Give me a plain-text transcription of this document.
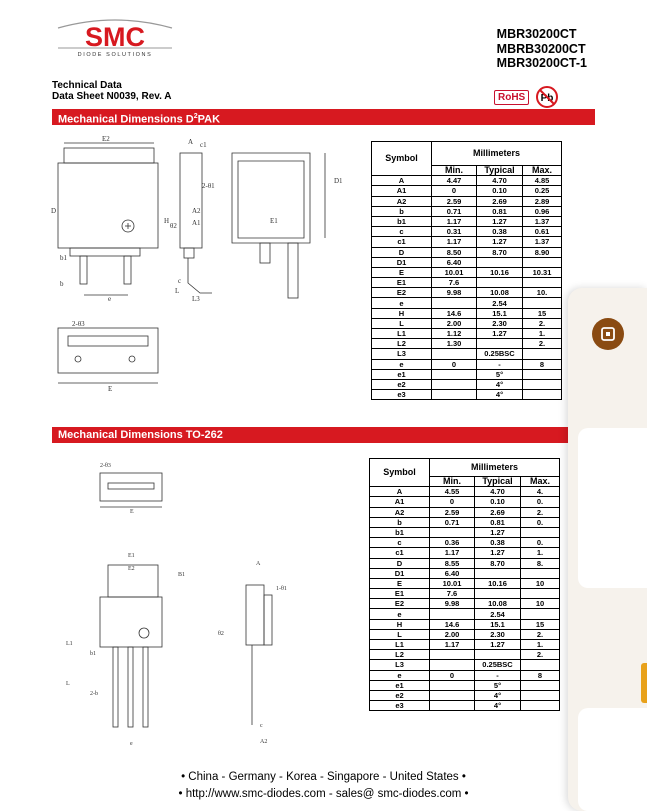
SMC
DIODE SOLUTIONS
MBR30200CT
MBRB30200CT
MBR30200CT-1
Technical Data
Data Sheet N0039, Rev. A	RoHS	Pb
Mechanical Dimensions $D^2PAK$
E2
D
b1
b
e
A c1
2-θ1
A2
A1
θ2
H
c
L
L3
E1
D1
2-θ3
E
Symbol	Millimeters		
	Min.	Typical	Max.
A	4.47	4.70	4.85
A1	0	0.10	0.25
A2	2.59	2.69	2.89
b	0.71	0.81	0.96
b1	1.17	1.27	1.37
c	0.31	0.38	0.61
c1	1.17	1.27	1.37
D	8.50	8.70	8.90
D1	6.40		
E	10.01	10.16	10.31
E1	7.6		
E2	9.98	10.08	10.
e		2.54	
H	14.6	15.1	15
L	2.00	2.30	2.
L1	1.12	1.27	1.
L2	1.30		2.
L3		0.25BSC	
e	0	-	8
e1		5°	
e2		4°	
e3		4°	
Mechanical Dimensions TO-262
2-θ3
E
E1
E2
B1
b1
2-b
e
L1
L
A
1-θ1
θ2
c
A2
Symbol	Millimeters		
	Min.	Typical	Max.
A	4.55	4.70	4.
A1	0	0.10	0.
A2	2.59	2.69	2.
b	0.71	0.81	0.
b1		1.27	
c	0.36	0.38	0.
c1	1.17	1.27	1.
D	8.55	8.70	8.
D1	6.40		
E	10.01	10.16	10
E1	7.6		
E2	9.98	10.08	10
e		2.54	
H	14.6	15.1	15
L	2.00	2.30	2.
L1	1.17	1.27	1.
L2			2.
L3		0.25BSC	
e	0	-	8
e1		5°	
e2		4°	
e3		4°	
• China - Germany - Korea - Singapore - United States •
• http://www.smc-diodes.com - sales@ smc-diodes.com •
